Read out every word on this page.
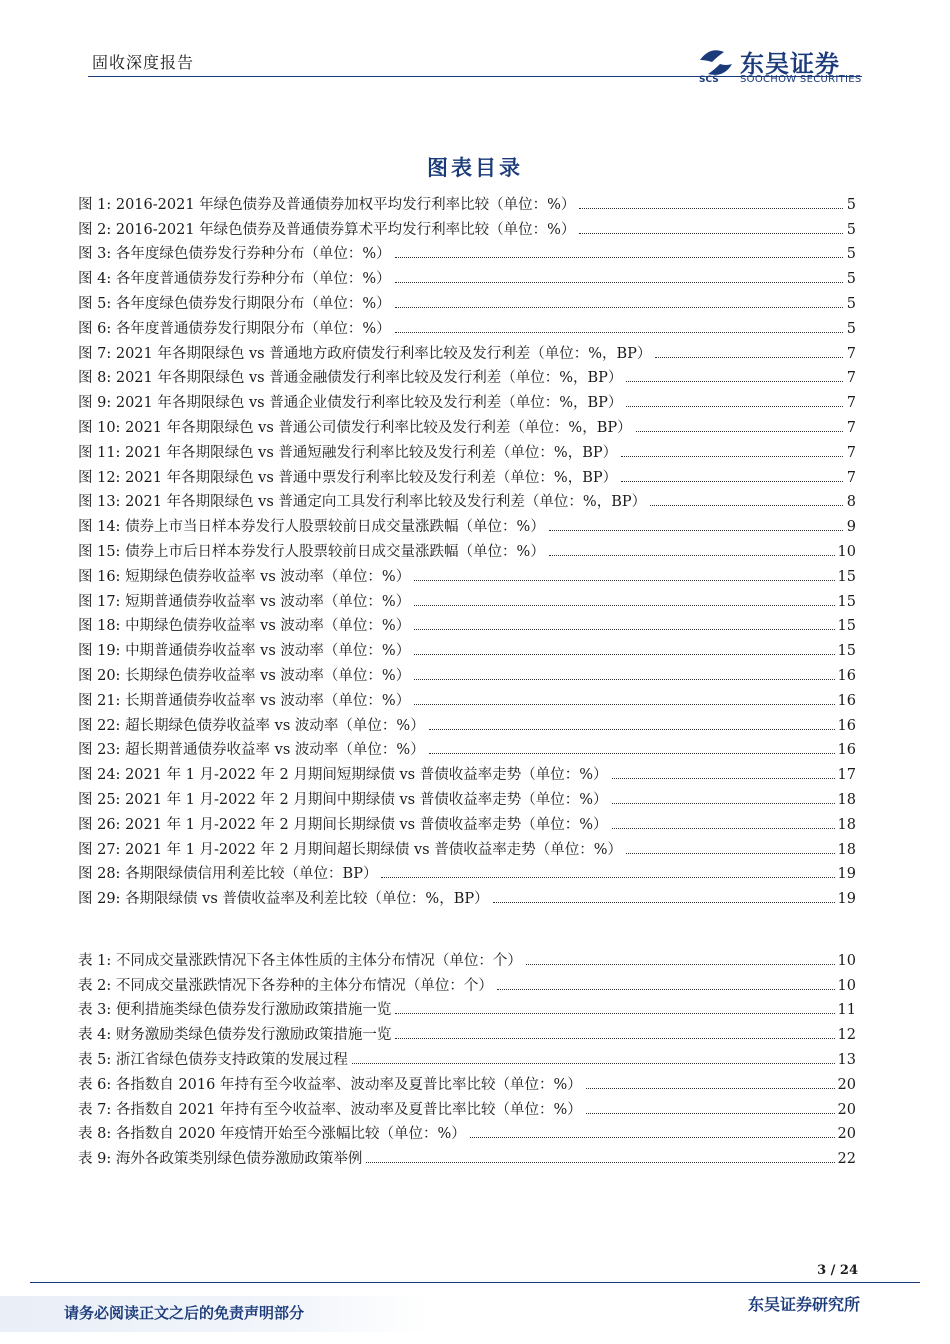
固收深度报告
SCS
东吴证券
SOOCHOW SECURITIES
图表目录
图 1: 2016-2021 年绿色债券及普通债券加权平均发行利率比较（单位：%）	5
图 2: 2016-2021 年绿色债券及普通债券算术平均发行利率比较（单位：%）	5
图 3: 各年度绿色债券发行券种分布（单位：%）	5
图 4: 各年度普通债券发行券种分布（单位：%）	5
图 5: 各年度绿色债券发行期限分布（单位：%）	5
图 6: 各年度普通债券发行期限分布（单位：%）	5
图 7: 2021 年各期限绿色 vs 普通地方政府债发行利率比较及发行利差（单位：%，BP）	7
图 8: 2021 年各期限绿色 vs 普通金融债发行利率比较及发行利差（单位：%，BP）	7
图 9: 2021 年各期限绿色 vs 普通企业债发行利率比较及发行利差（单位：%，BP）	7
图 10: 2021 年各期限绿色 vs 普通公司债发行利率比较及发行利差（单位：%，BP）	7
图 11: 2021 年各期限绿色 vs 普通短融发行利率比较及发行利差（单位：%，BP）	7
图 12: 2021 年各期限绿色 vs 普通中票发行利率比较及发行利差（单位：%，BP）	7
图 13: 2021 年各期限绿色 vs 普通定向工具发行利率比较及发行利差（单位：%，BP）	8
图 14: 债券上市当日样本券发行人股票较前日成交量涨跌幅（单位：%）	9
图 15: 债券上市后日样本券发行人股票较前日成交量涨跌幅（单位：%）	10
图 16: 短期绿色债券收益率 vs 波动率（单位：%）	15
图 17: 短期普通债券收益率 vs 波动率（单位：%）	15
图 18: 中期绿色债券收益率 vs 波动率（单位：%）	15
图 19: 中期普通债券收益率 vs 波动率（单位：%）	15
图 20: 长期绿色债券收益率 vs 波动率（单位：%）	16
图 21: 长期普通债券收益率 vs 波动率（单位：%）	16
图 22: 超长期绿色债券收益率 vs 波动率（单位：%）	16
图 23: 超长期普通债券收益率 vs 波动率（单位：%）	16
图 24: 2021 年 1 月-2022 年 2 月期间短期绿债 vs 普债收益率走势（单位：%）	17
图 25: 2021 年 1 月-2022 年 2 月期间中期绿债 vs 普债收益率走势（单位：%）	18
图 26: 2021 年 1 月-2022 年 2 月期间长期绿债 vs 普债收益率走势（单位：%）	18
图 27: 2021 年 1 月-2022 年 2 月期间超长期绿债 vs 普债收益率走势（单位：%）	18
图 28: 各期限绿债信用利差比较（单位：BP）	19
图 29: 各期限绿债 vs 普债收益率及利差比较（单位：%，BP）	19
表 1: 不同成交量涨跌情况下各主体性质的主体分布情况（单位：个）	10
表 2: 不同成交量涨跌情况下各券种的主体分布情况（单位：个）	10
表 3: 便利措施类绿色债券发行激励政策措施一览	11
表 4: 财务激励类绿色债券发行激励政策措施一览	12
表 5: 浙江省绿色债券支持政策的发展过程	13
表 6: 各指数自 2016 年持有至今收益率、波动率及夏普比率比较（单位：%）	20
表 7: 各指数自 2021 年持有至今收益率、波动率及夏普比率比较（单位：%）	20
表 8: 各指数自 2020 年疫情开始至今涨幅比较（单位：%）	20
表 9: 海外各政策类别绿色债券激励政策举例	22
3 / 24
请务必阅读正文之后的免责声明部分	东吴证券研究所
